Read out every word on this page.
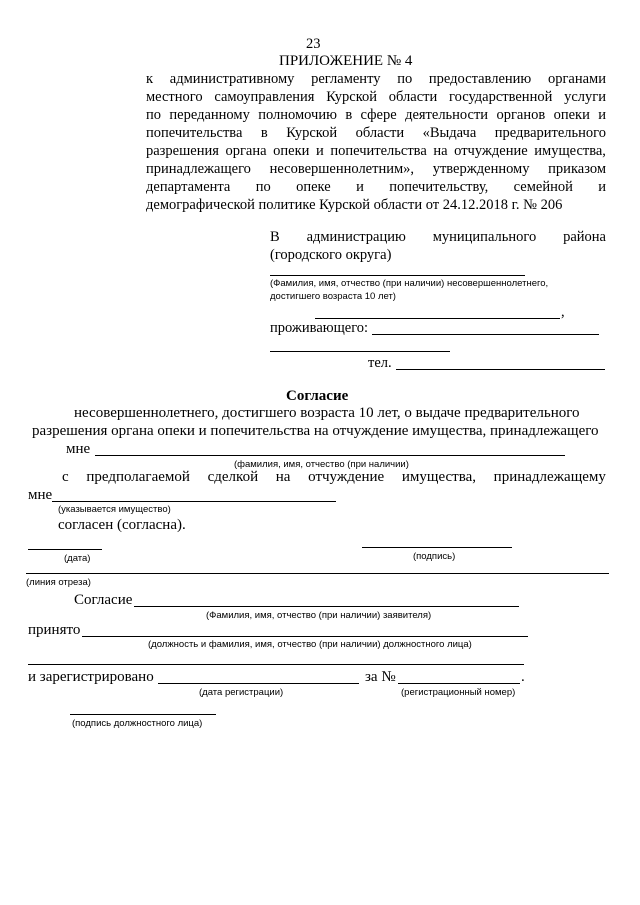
23
ПРИЛОЖЕНИЕ № 4
к административному регламенту по предоставлению органами
местного самоуправления Курской области государственной услуги
по переданному полномочию в сфере деятельности органов опеки и
попечительства в Курской области «Выдача предварительного
разрешения органа опеки и попечительства на отчуждение имущества,
принадлежащего несовершеннолетним», утвержденному приказом
департамента по опеке и попечительству, семейной и
демографической политике Курской области от 24.12.2018 г. № 206
В администрацию муниципального района
(городского округа)
(Фамилия, имя, отчество (при наличии) несовершеннолетнего,
достигшего возраста 10 лет)
,
проживающего:
тел.
Согласие
несовершеннолетнего, достигшего возраста 10 лет, о выдаче предварительного
разрешения органа опеки и попечительства на отчуждение имущества, принадлежащего
мне
(фамилия, имя, отчество (при наличии)
с предполагаемой сделкой на отчуждение имущества, принадлежащему
мне
(указывается имущество)
согласен (согласна).
(дата)	(подпись)
(линия отреза)
Согласие
(Фамилия, имя, отчество (при наличии) заявителя)
принято
(должность и фамилия, имя, отчество (при наличии) должностного лица)
и зарегистрировано	за №	.
(дата регистрации)	(регистрационный номер)
(подпись должностного лица)
